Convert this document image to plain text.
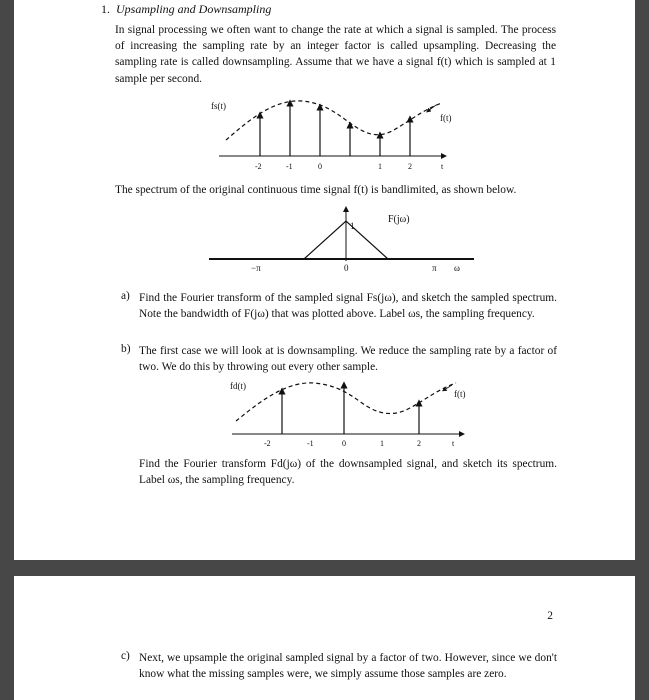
1. Upsampling and Downsampling
In signal processing we often want to change the rate at which a signal is sampled. The process of increasing the sampling rate by an integer factor is called upsampling. Decreasing the sampling rate is called downsampling. Assume that we have a signal f(t) which is sampled at 1 sample per second.
fs(t)
f(t)
-2	-1	0	1	2	t
The spectrum of the original continuous time signal f(t) is bandlimited, as shown below.
1
F(jω)
−π	0	π ω
a) Find the Fourier transform of the sampled signal Fs(jω), and sketch the sampled spectrum. Note the bandwidth of F(jω) that was plotted above. Label ωs, the sampling frequency.
b) The first case we will look at is downsampling. We reduce the sampling rate by a factor of two. We do this by throwing out every other sample.
fd(t)
f(t)
-2	-1	0	1	2	t
Find the Fourier transform Fd(jω) of the downsampled signal, and sketch its spectrum. Label ωs, the sampling frequency.
2
c) Next, we upsample the original sampled signal by a factor of two. However, since we don't know what the missing samples were, we simply assume those samples are zero.
